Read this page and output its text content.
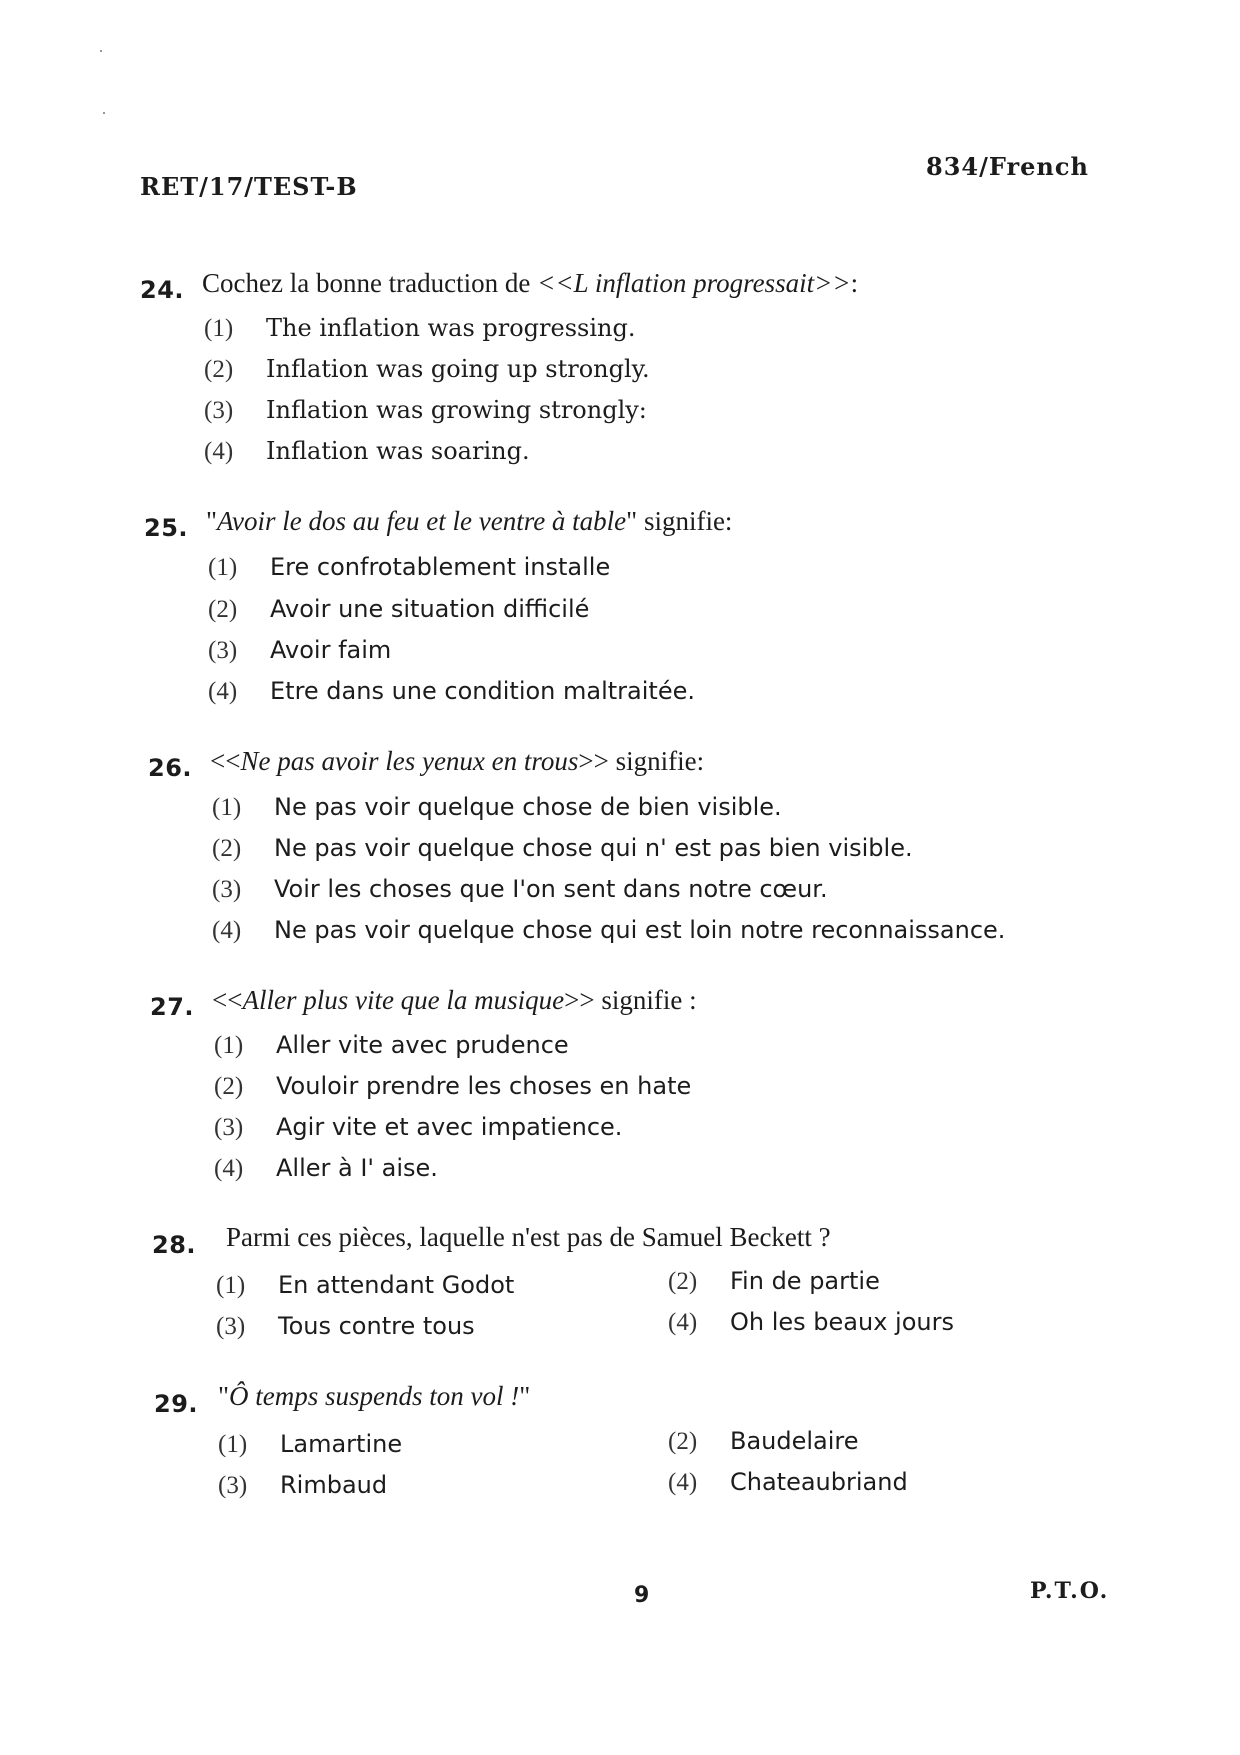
RET/17/TEST-B
834/French
24. Cochez la bonne traduction de <<L inflation progressait>>:
(1) The inflation was progressing.
(2) Inflation was going up strongly.
(3) Inflation was growing strongly:
(4) Inflation was soaring.
25. "Avoir le dos au feu et le ventre à table" signifie:
(1) Ere confrotablement installe
(2) Avoir une situation difficilé
(3) Avoir faim
(4) Etre dans une condition maltraitée.
26. <<Ne pas avoir les yenux en trous>> signifie:
(1) Ne pas voir quelque chose de bien visible.
(2) Ne pas voir quelque chose qui n' est pas bien visible.
(3) Voir les choses que I'on sent dans notre cœur.
(4) Ne pas voir quelque chose qui est loin notre reconnaissance.
27. <<Aller plus vite que la musique>> signifie :
(1) Aller vite avec prudence
(2) Vouloir prendre les choses en hate
(3) Agir vite et avec impatience.
(4) Aller à I' aise.
28. Parmi ces pièces, laquelle n'est pas de Samuel Beckett ?
(1) En attendant Godot	(2) Fin de partie
(3) Tous contre tous	(4) Oh les beaux jours
29. "Ô temps suspends ton vol !"
(1) Lamartine	(2) Baudelaire
(3) Rimbaud	(4) Chateaubriand
9	P.T.O.
